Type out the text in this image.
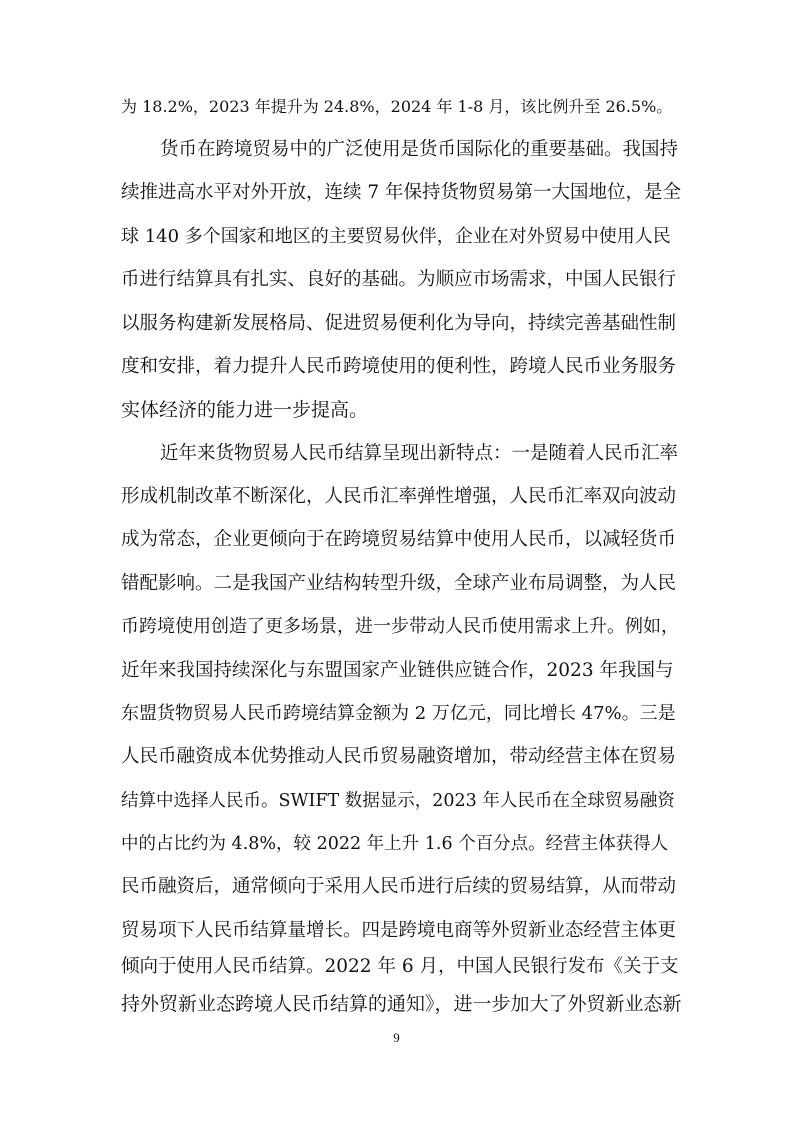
为 18.2%，2023 年提升为 24.8%，2024 年 1-8 月，该比例升至 26.5%。
货币在跨境贸易中的广泛使用是货币国际化的重要基础。我国持
续推进高水平对外开放，连续 7 年保持货物贸易第一大国地位，是全
球 140 多个国家和地区的主要贸易伙伴，企业在对外贸易中使用人民
币进行结算具有扎实、良好的基础。为顺应市场需求，中国人民银行
以服务构建新发展格局、促进贸易便利化为导向，持续完善基础性制
度和安排，着力提升人民币跨境使用的便利性，跨境人民币业务服务
实体经济的能力进一步提高。
近年来货物贸易人民币结算呈现出新特点：一是随着人民币汇率
形成机制改革不断深化，人民币汇率弹性增强，人民币汇率双向波动
成为常态，企业更倾向于在跨境贸易结算中使用人民币，以减轻货币
错配影响。二是我国产业结构转型升级，全球产业布局调整，为人民
币跨境使用创造了更多场景，进一步带动人民币使用需求上升。例如，
近年来我国持续深化与东盟国家产业链供应链合作，2023 年我国与
东盟货物贸易人民币跨境结算金额为 2 万亿元，同比增长 47%。三是
人民币融资成本优势推动人民币贸易融资增加，带动经营主体在贸易
结算中选择人民币。SWIFT 数据显示，2023 年人民币在全球贸易融资
中的占比约为 4.8%，较 2022 年上升 1.6 个百分点。经营主体获得人
民币融资后，通常倾向于采用人民币进行后续的贸易结算，从而带动
贸易项下人民币结算量增长。四是跨境电商等外贸新业态经营主体更
倾向于使用人民币结算。2022 年 6 月，中国人民银行发布《关于支
持外贸新业态跨境人民币结算的通知》，进一步加大了外贸新业态新
9
